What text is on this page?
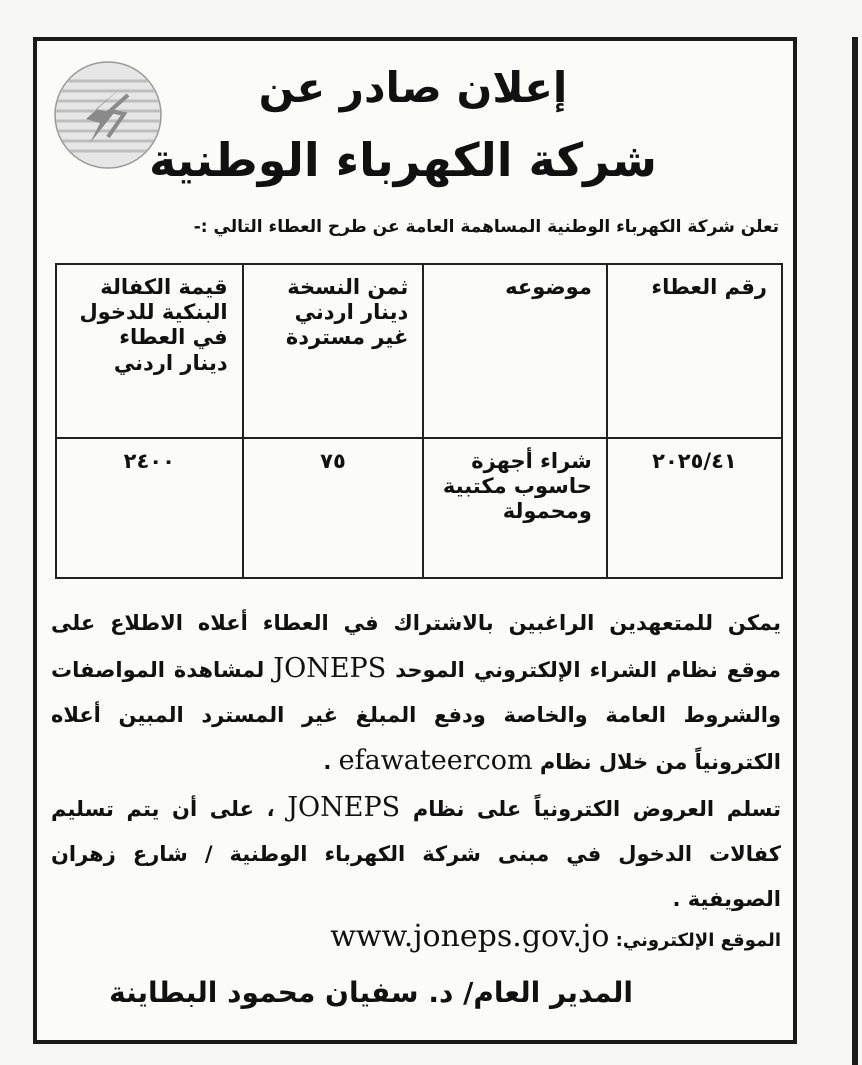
إعلان صادر عن
شركة الكهرباء الوطنية
تعلن شركة الكهرباء الوطنية المساهمة العامة عن طرح العطاء التالي :-
رقم العطاء	موضوعه	ثمن النسخة دينار اردني غير مستردة	قيمة الكفالة البنكية للدخول في العطاء دينار اردني
٢٠٢٥/٤١	شراء أجهزة حاسوب مكتبية ومحمولة	٧٥	٢٤٠٠

يمكن للمتعهدين الراغبين بالاشتراك في العطاء أعلاه الاطلاع على موقع نظام الشراء الإلكتروني الموحد JONEPS لمشاهدة المواصفات والشروط العامة والخاصة ودفع المبلغ غير المسترد المبين أعلاه الكترونياً من خلال نظام efawateercom .

تسلم العروض الكترونياً على نظام JONEPS ، على أن يتم تسليم كفالات الدخول في مبنى شركة الكهرباء الوطنية / شارع زهران الصويفية .

الموقع الإلكتروني: www.joneps.gov.jo
المدير العام/ د. سفيان محمود البطاينة
